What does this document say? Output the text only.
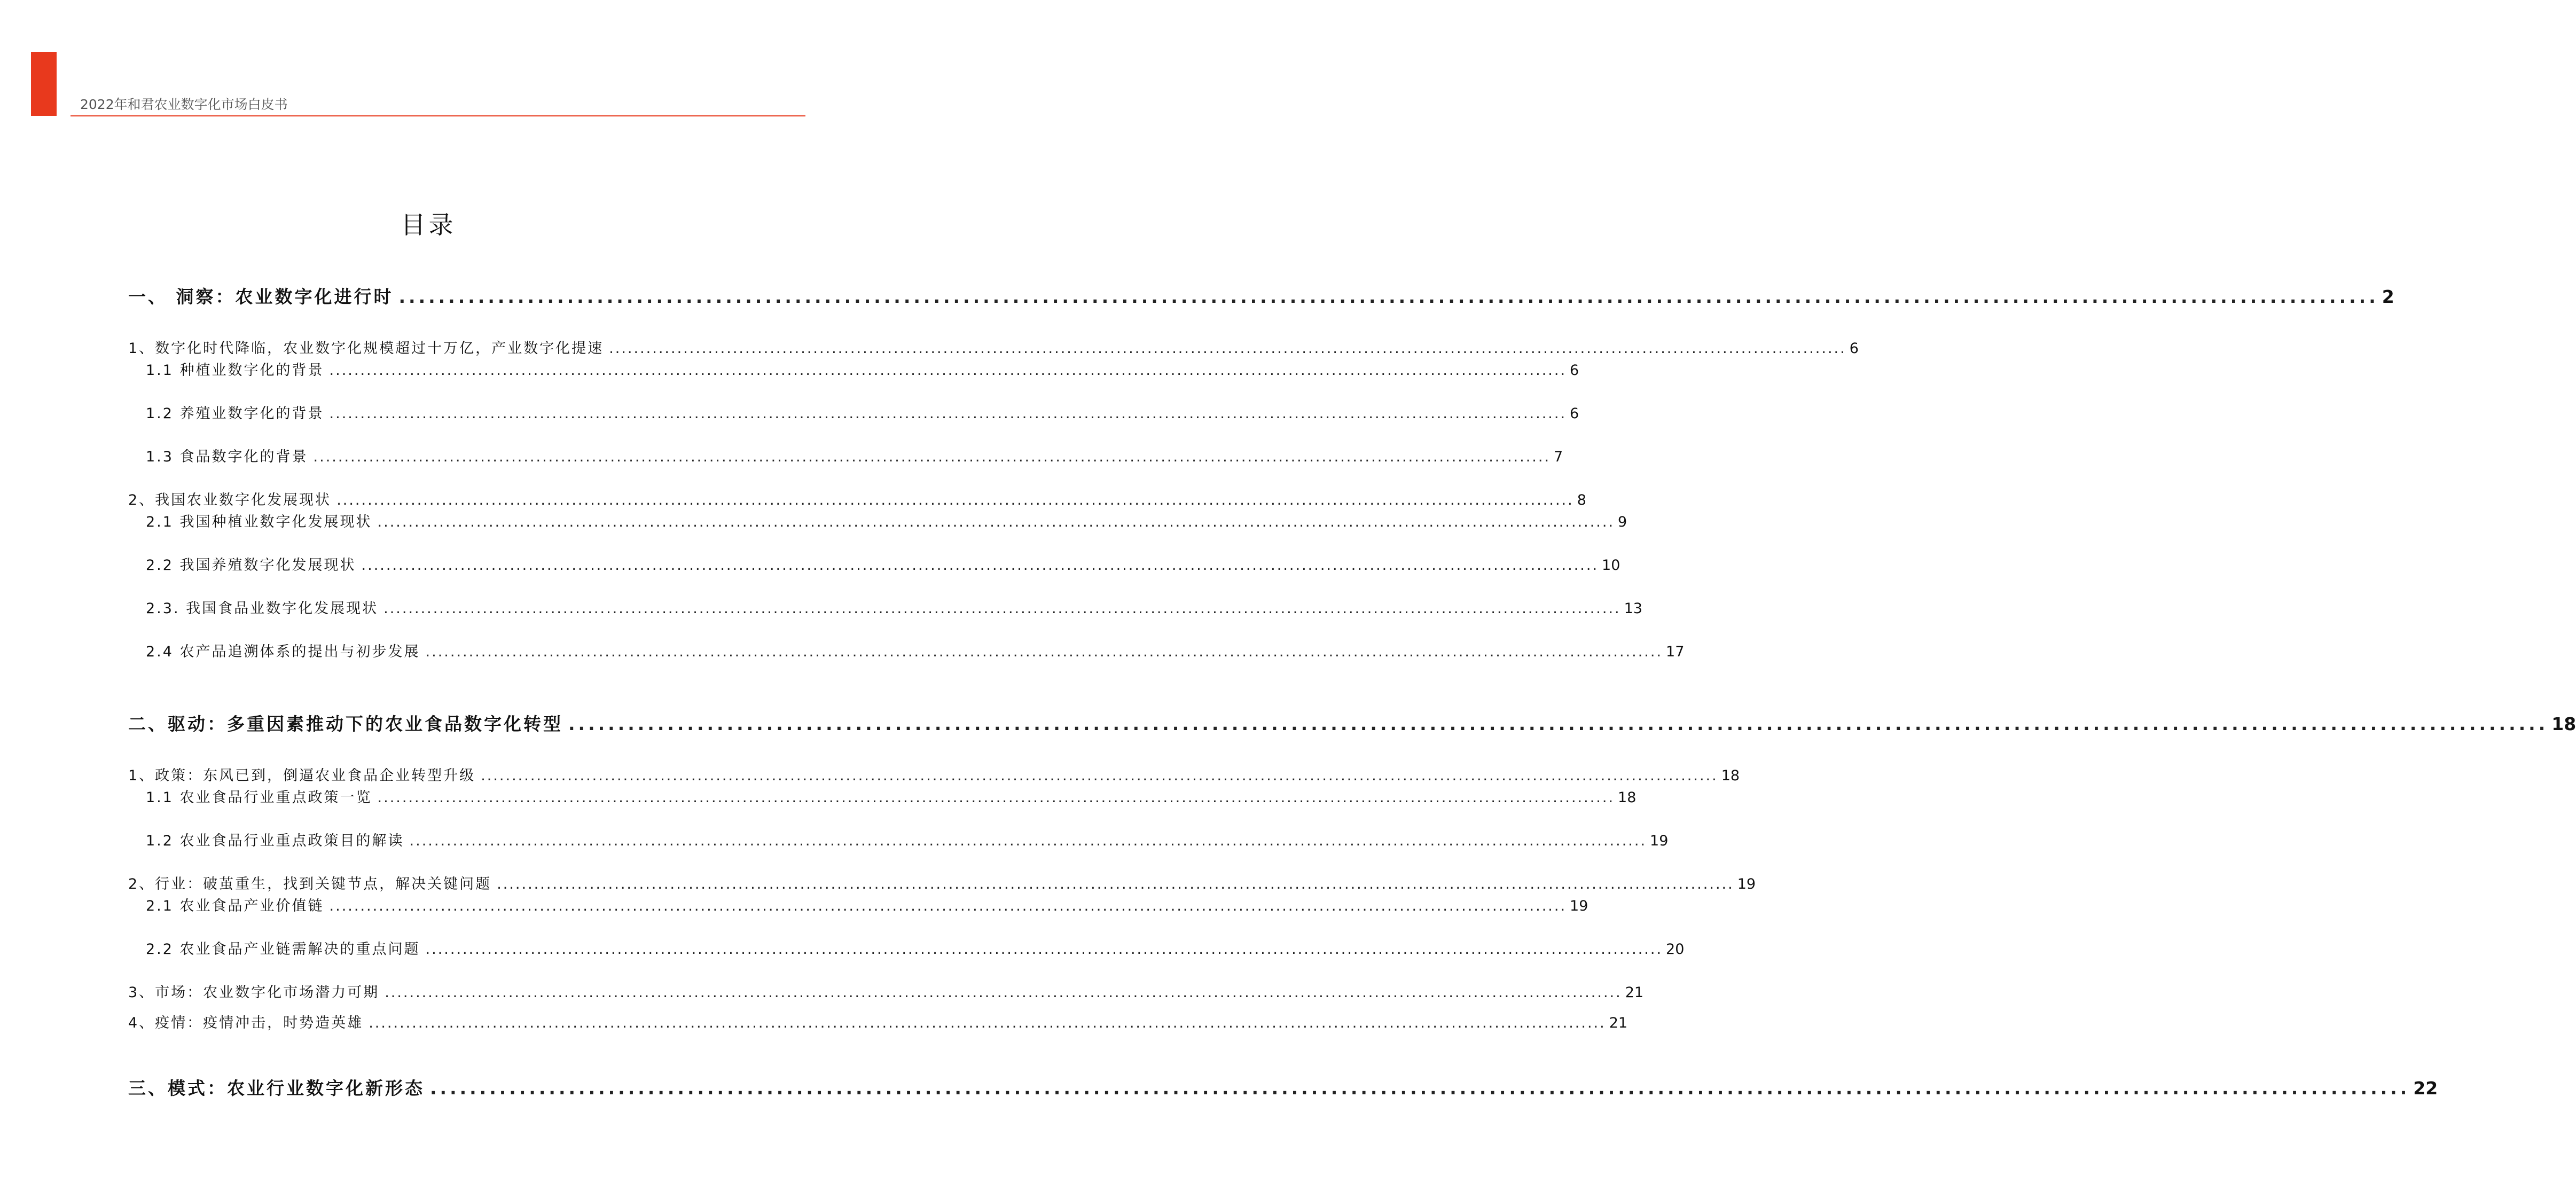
2022年和君农业数字化市场白皮书
目录
一、 洞察：农业数字化进行时 ........................................................................................................................................................................................................ 2
1、数字化时代降临，农业数字化规模超过十万亿，产业数字化提速 ........................................................................................................................................................................................................ 6
1.1 种植业数字化的背景 ........................................................................................................................................................................................................ 6
1.2 养殖业数字化的背景 ........................................................................................................................................................................................................ 6
1.3 食品数字化的背景 ........................................................................................................................................................................................................ 7
2、我国农业数字化发展现状 ........................................................................................................................................................................................................ 8
2.1 我国种植业数字化发展现状 ........................................................................................................................................................................................................ 9
2.2 我国养殖数字化发展现状 ........................................................................................................................................................................................................ 10
2.3. 我国食品业数字化发展现状 ........................................................................................................................................................................................................ 13
2.4 农产品追溯体系的提出与初步发展 ........................................................................................................................................................................................................ 17
二、驱动：多重因素推动下的农业食品数字化转型 ........................................................................................................................................................................................................ 18
1、政策：东风已到，倒逼农业食品企业转型升级 ........................................................................................................................................................................................................ 18
1.1 农业食品行业重点政策一览 ........................................................................................................................................................................................................ 18
1.2 农业食品行业重点政策目的解读 ........................................................................................................................................................................................................ 19
2、行业：破茧重生，找到关键节点，解决关键问题 ........................................................................................................................................................................................................ 19
2.1 农业食品产业价值链 ........................................................................................................................................................................................................ 19
2.2 农业食品产业链需解决的重点问题 ........................................................................................................................................................................................................ 20
3、市场：农业数字化市场潜力可期 ........................................................................................................................................................................................................ 21
4、疫情：疫情冲击，时势造英雄 ........................................................................................................................................................................................................ 21
三、模式：农业行业数字化新形态 ........................................................................................................................................................................................................ 22
